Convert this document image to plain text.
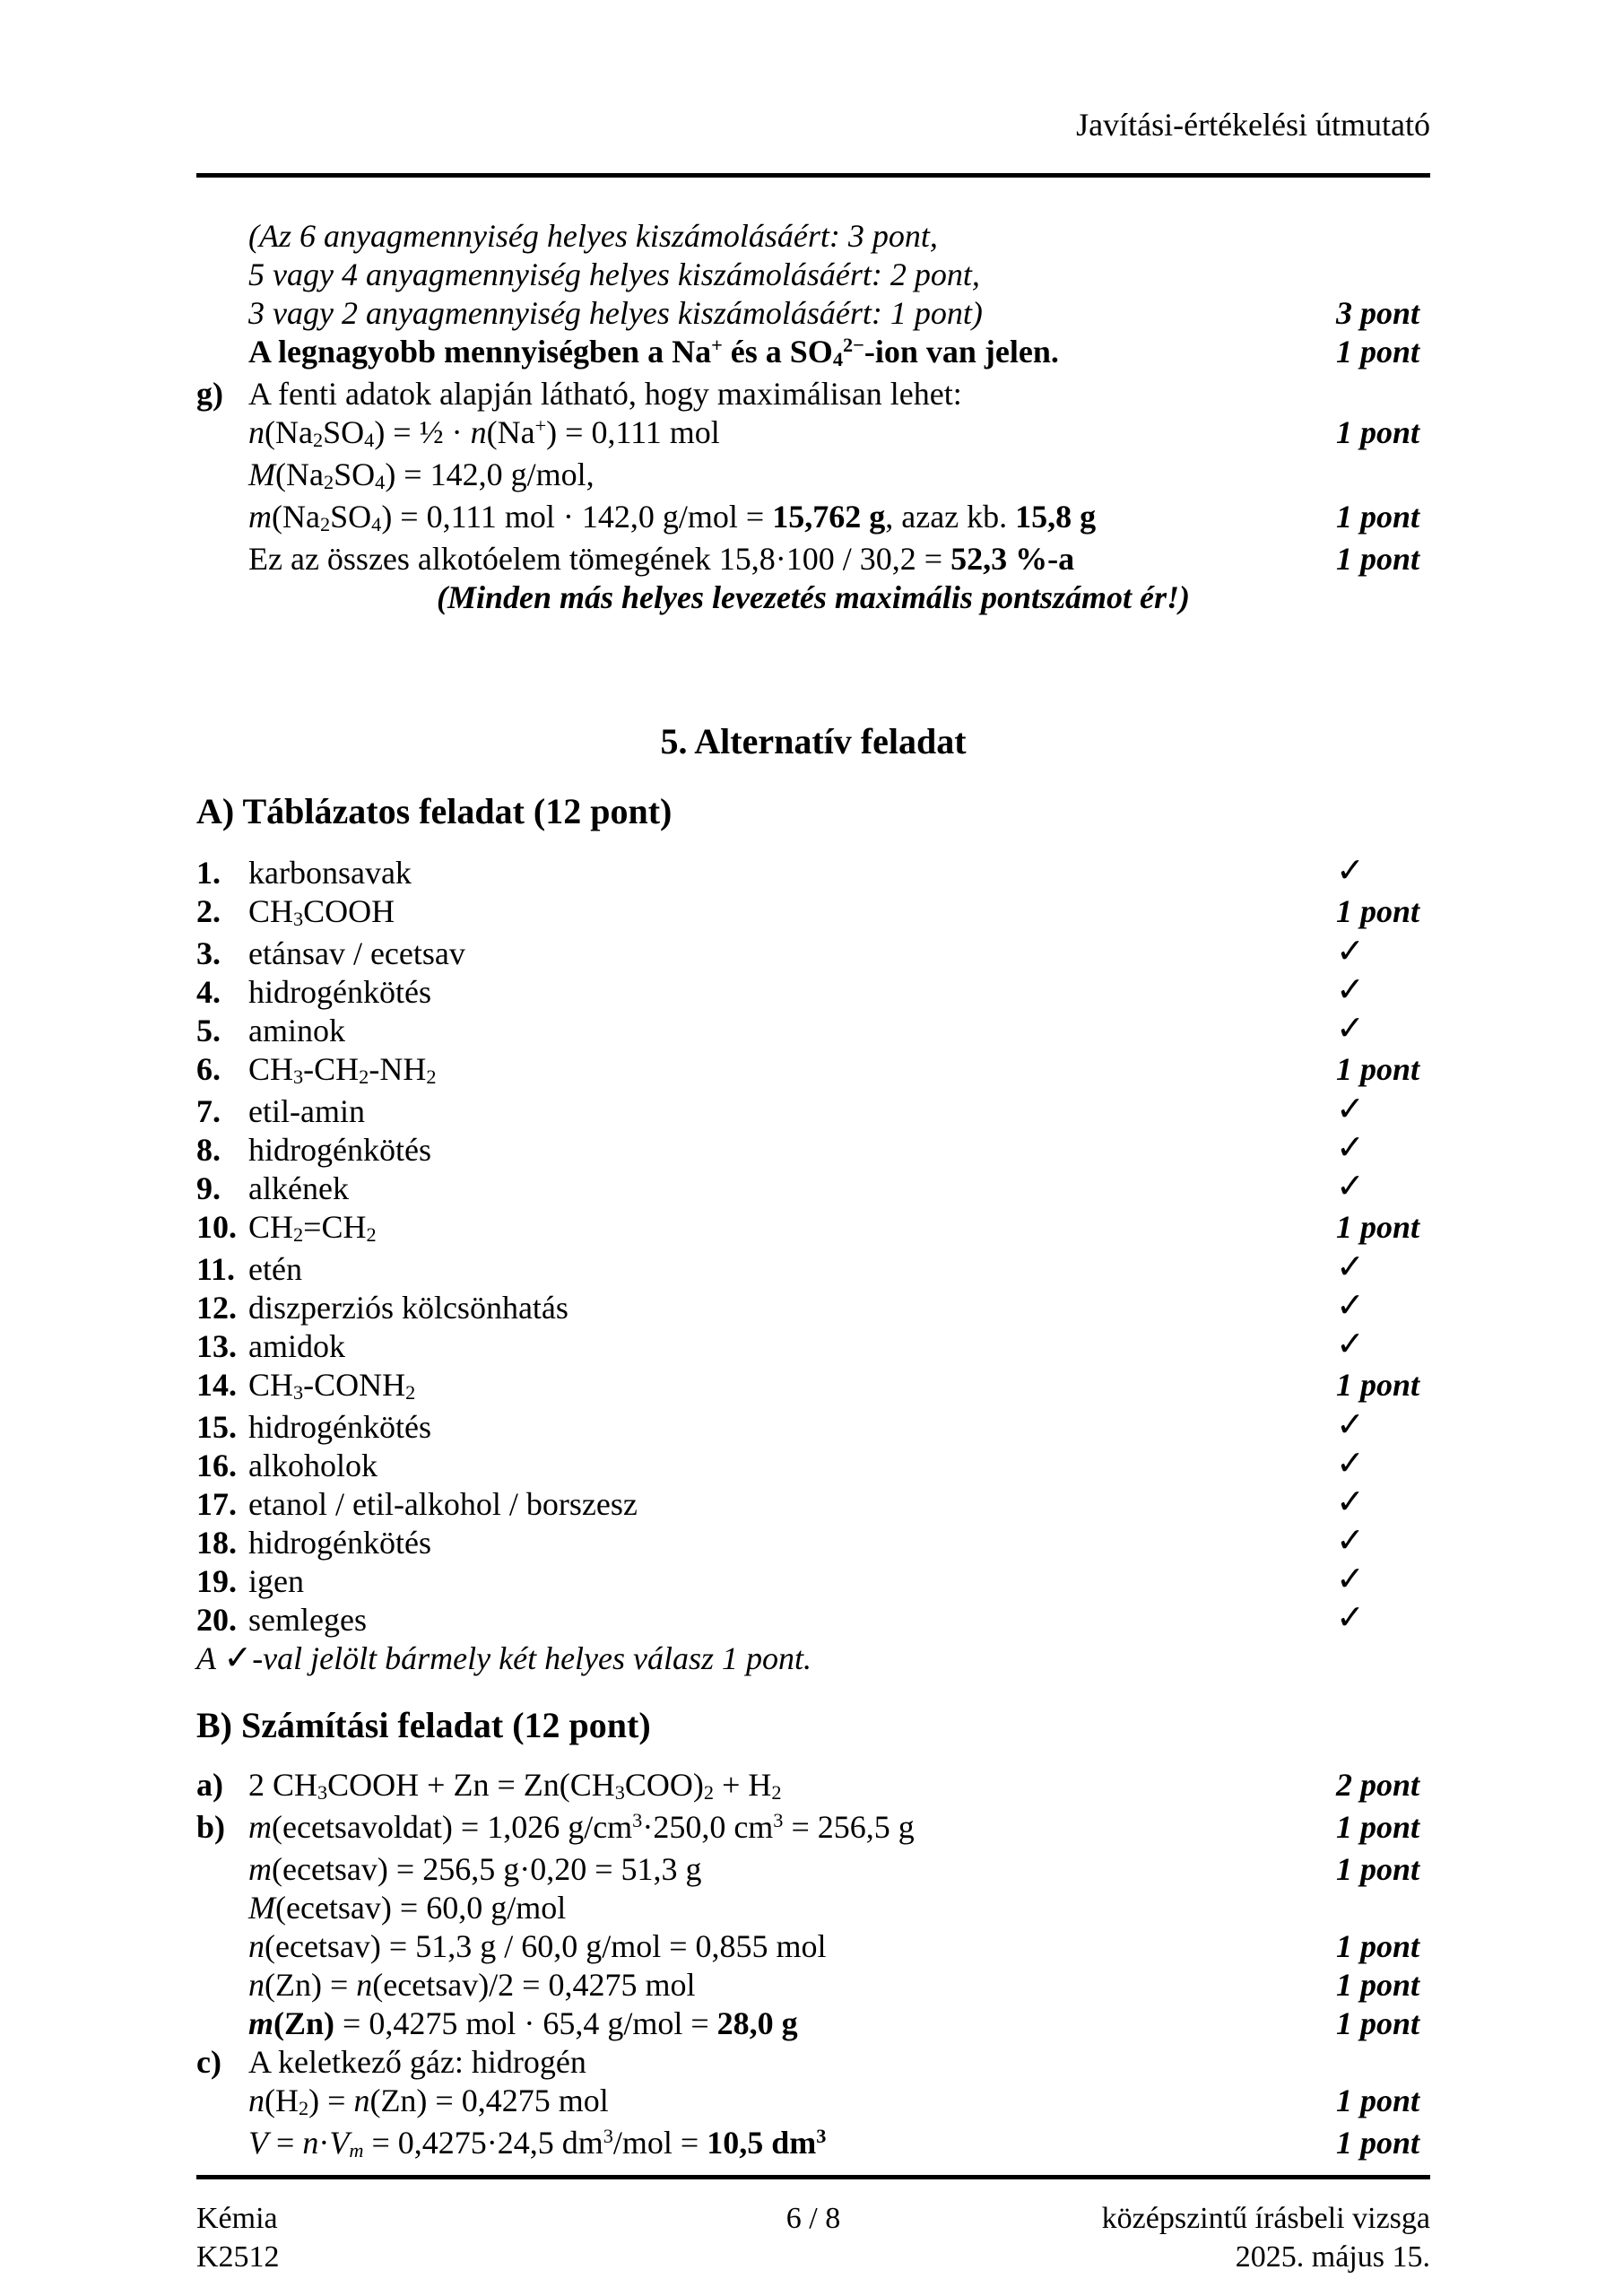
Javítási-értékelési útmutató
(Az 6 anyagmennyiség helyes kiszámolásáért: 3 pont,
5 vagy 4 anyagmennyiség helyes kiszámolásáért: 2 pont,
3 vagy 2 anyagmennyiség helyes kiszámolásáért: 1 pont)	3 pont
A legnagyobb mennyiségben a Na+ és a $SO4^{2-}$-ion van jelen.	1 pont
g) A fenti adatok alapján látható, hogy maximálisan lehet:
n(Na2SO4) = ½ · n(Na+) = 0,111 mol	1 pont
M(Na2SO4) = 142,0 g/mol,
m(Na2SO4) = 0,111 mol · 142,0 g/mol = 15,762 g, azaz kb. 15,8 g	1 pont
Ez az összes alkotóelem tömegének 15,8·100 / 30,2 = 52,3 %-a	1 pont
(Minden más helyes levezetés maximális pontszámot ér!)
5. Alternatív feladat
A) Táblázatos feladat (12 pont)
1. karbonsavak	✓
2. CH3COOH	1 pont
3. etánsav / ecetsav	✓
4. hidrogénkötés	✓
5. aminok	✓
6. CH3-CH2-NH2	1 pont
7. etil-amin	✓
8. hidrogénkötés	✓
9. alkének	✓
10. CH2=CH2	1 pont
11. etén	✓
12. diszperziós kölcsönhatás	✓
13. amidok	✓
14. CH3-CONH2	1 pont
15. hidrogénkötés	✓
16. alkoholok	✓
17. etanol / etil-alkohol / borszesz	✓
18. hidrogénkötés	✓
19. igen	✓
20. semleges	✓
A ✓-val jelölt bármely két helyes válasz 1 pont.
B) Számítási feladat (12 pont)
a) 2 CH3COOH + Zn = Zn(CH3COO)2 + H2	2 pont
b) m(ecetsavoldat) = 1,026 $g/cm^3\cdot 250,0$ $cm^3 = 256,5$ g	1 pont
m(ecetsav) = 256,5 g·0,20 = 51,3 g	1 pont
M(ecetsav) = 60,0 g/mol
n(ecetsav) = 51,3 g / 60,0 g/mol = 0,855 mol	1 pont
n(Zn) = n(ecetsav)/2 = 0,4275 mol	1 pont
m(Zn) = 0,4275 mol · 65,4 g/mol = 28,0 g	1 pont
c) A keletkező gáz: hidrogén
n(H2) = n(Zn) = 0,4275 mol	1 pont
V = n·Vm = 0,4275·24,5 $dm^3$/mol = 10,5 $dm^3$	1 pont
Kémia	6 / 8	középszintű írásbeli vizsga
K2512	2025. május 15.
